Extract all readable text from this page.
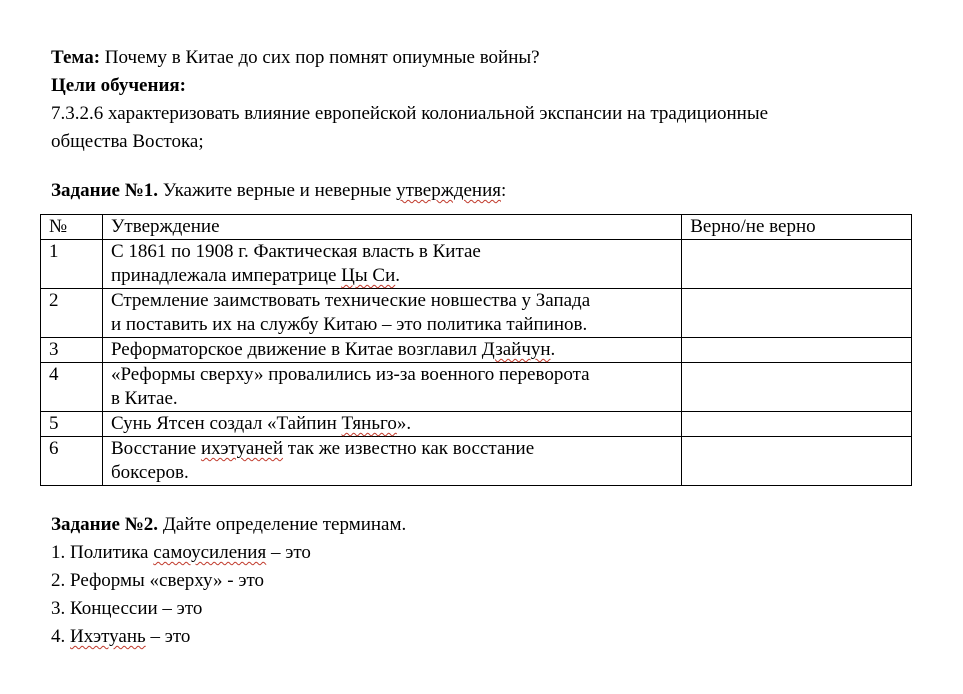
Тема: Почему в Китае до сих пор помнят опиумные войны?
Цели обучения:
7.3.2.6 характеризовать влияние европейской колониальной экспансии на традиционные
общества Востока;
Задание №1. Укажите верные и неверные утверждения:
№	Утверждение	Верно/не верно
1	С 1861 по 1908 г. Фактическая власть в Китае
принадлежала императрице Цы Си.	
2	Стремление заимствовать технические новшества у Запада
и поставить их на службу Китаю – это политика тайпинов.	
3	Реформаторское движение в Китае возглавил Дзайчун.	
4	«Реформы сверху» провалились из-за военного переворота
в Китае.	
5	Сунь Ятсен создал «Тайпин Тяньго».	
6	Восстание ихэтуаней так же известно как восстание
боксеров.	
Задание №2. Дайте определение терминам.
1. Политика самоусиления – это
2. Реформы «сверху» - это
3. Концессии – это
4. Ихэтуань – это
